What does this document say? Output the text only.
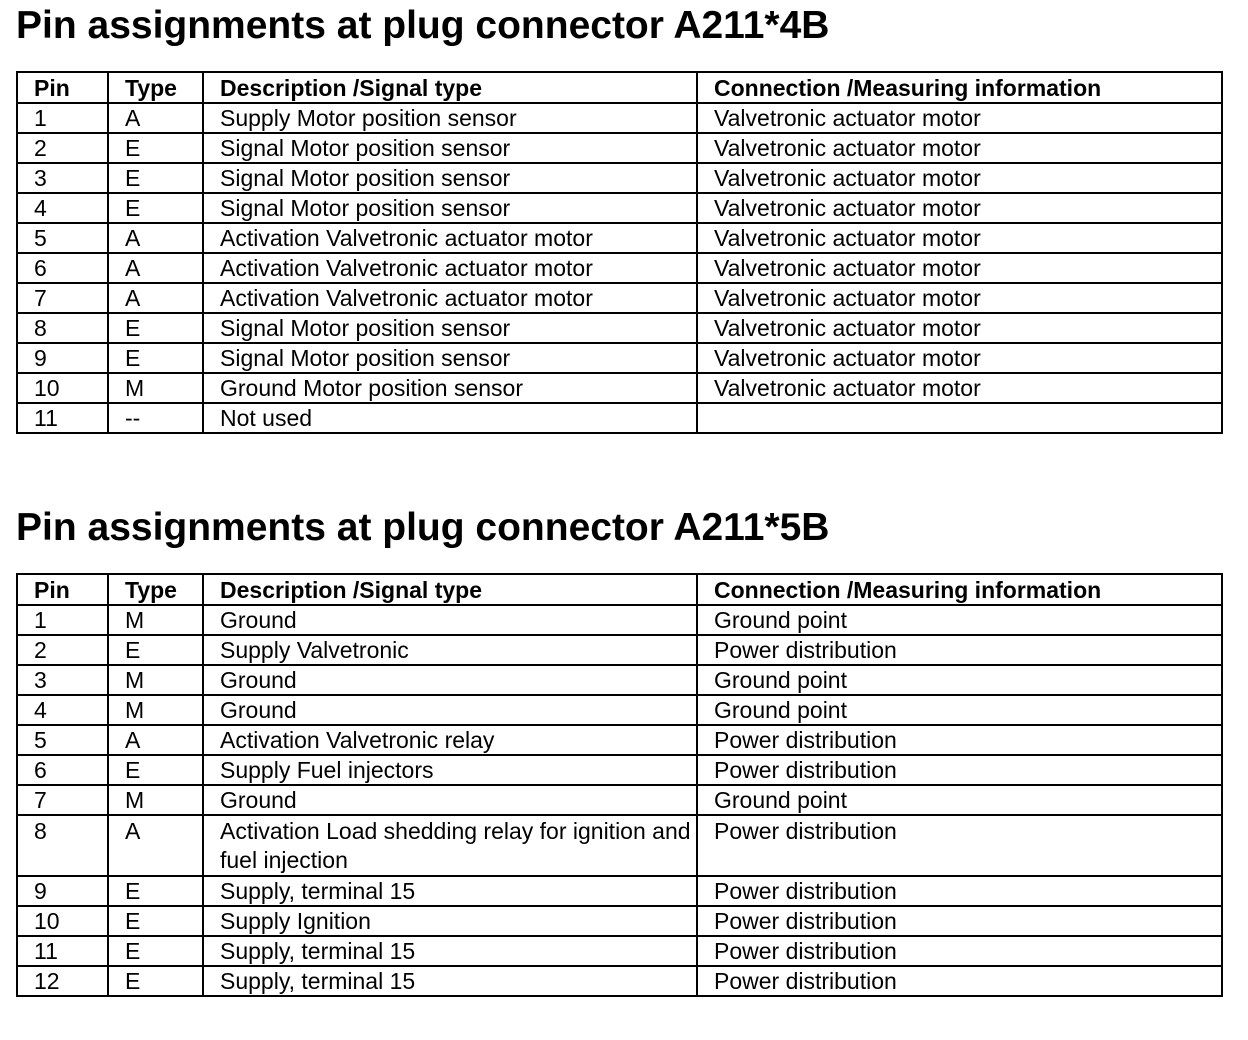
Pin assignments at plug connector A211*4B
Pin	Type	Description /Signal type	Connection /Measuring information
1	A	Supply Motor position sensor	Valvetronic actuator motor
2	E	Signal Motor position sensor	Valvetronic actuator motor
3	E	Signal Motor position sensor	Valvetronic actuator motor
4	E	Signal Motor position sensor	Valvetronic actuator motor
5	A	Activation Valvetronic actuator motor	Valvetronic actuator motor
6	A	Activation Valvetronic actuator motor	Valvetronic actuator motor
7	A	Activation Valvetronic actuator motor	Valvetronic actuator motor
8	E	Signal Motor position sensor	Valvetronic actuator motor
9	E	Signal Motor position sensor	Valvetronic actuator motor
10	M	Ground Motor position sensor	Valvetronic actuator motor
11	--	Not used	
Pin assignments at plug connector A211*5B
Pin	Type	Description /Signal type	Connection /Measuring information
1	M	Ground	Ground point
2	E	Supply Valvetronic	Power distribution
3	M	Ground	Ground point
4	M	Ground	Ground point
5	A	Activation Valvetronic relay	Power distribution
6	E	Supply Fuel injectors	Power distribution
7	M	Ground	Ground point
8	A	Activation Load shedding relay for ignition and fuel injection	Power distribution
9	E	Supply, terminal 15	Power distribution
10	E	Supply Ignition	Power distribution
11	E	Supply, terminal 15	Power distribution
12	E	Supply, terminal 15	Power distribution
